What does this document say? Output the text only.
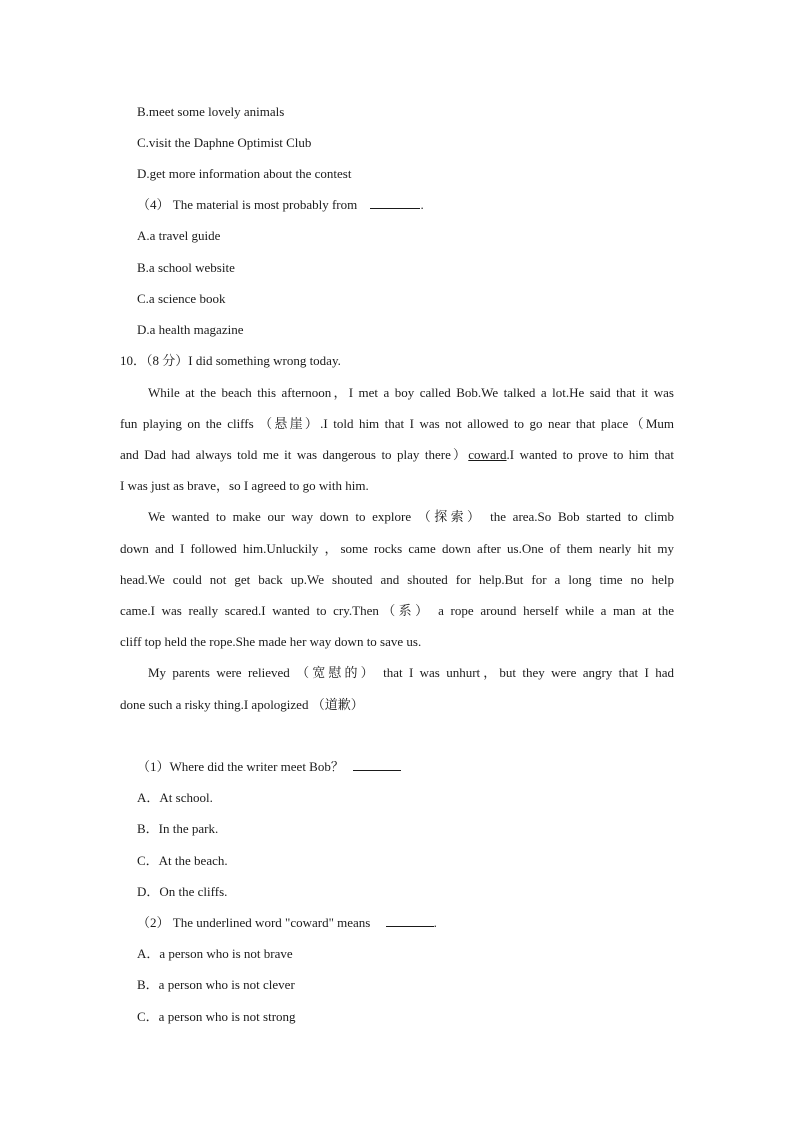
B.meet some lovely animals
C.visit the Daphne Optimist Club
D.get more information about the contest
（4） The material is most probably from	.
A.a travel guide
B.a school website
C.a science book
D.a health magazine
10．（8 分）I did something wrong today.
While at the beach this afternoon，I met a boy called Bob.We talked a lot.He said that it was
fun playing on the cliffs （悬崖）.I told him that I was not allowed to go near that place（Mum
and Dad had always told me it was dangerous to play there）coward.I wanted to prove to him that
I was just as brave，so I agreed to go with him.
We wanted to make our way down to explore （探索） the area.So Bob started to climb
down and I followed him.Unluckily ，some rocks came down after us.One of them nearly hit my
head.We could not get back up.We shouted and shouted for help.But for a long time no help
came.I was really scared.I wanted to cry.Then（系） a rope around herself while a man at the
cliff top held the rope.She made her way down to save us.
My parents were relieved （宽慰的） that I was unhurt，but they were angry that I had
done such a risky thing.I apologized （道歉）
（1）Where did the writer meet Bob？
A．At school.
B．In the park.
C．At the beach.
D．On the cliffs.
（2） The underlined word "coward" means	.
A．a person who is not brave
B．a person who is not clever
C．a person who is not strong
